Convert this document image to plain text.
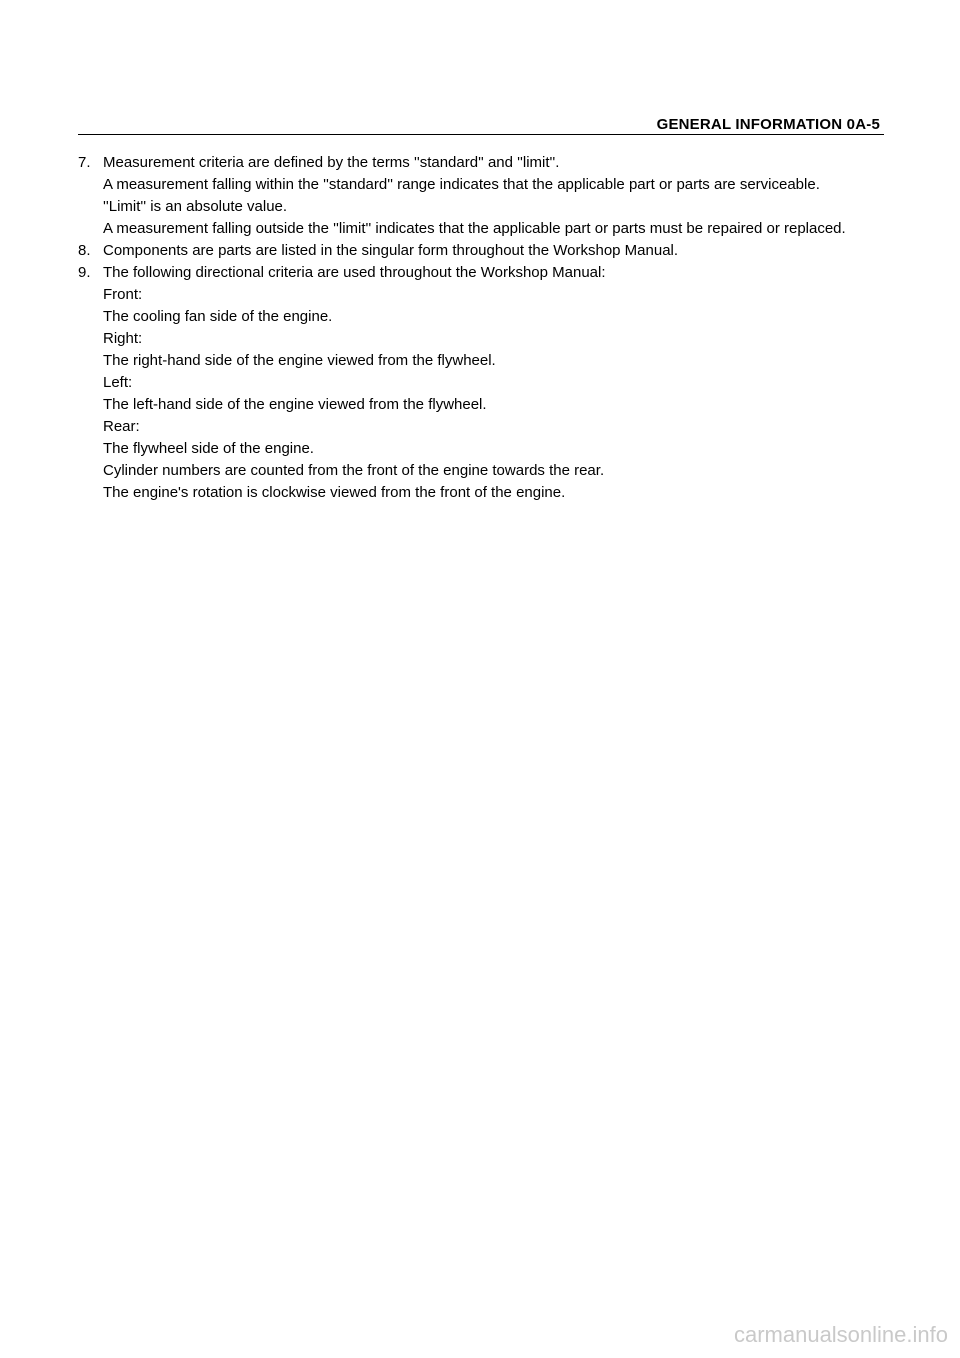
GENERAL INFORMATION 0A-5
7. Measurement criteria are defined by the terms ''standard'' and ''limit''.
A measurement falling within the ''standard'' range indicates that the applicable part or parts are serviceable.
''Limit'' is an absolute value.
A measurement falling outside the ''limit'' indicates that the applicable part or parts must be repaired or replaced.
8. Components are parts are listed in the singular form throughout the Workshop Manual.
9. The following directional criteria are used throughout the Workshop Manual:
Front:
The cooling fan side of the engine.
Right:
The right-hand side of the engine viewed from the flywheel.
Left:
The left-hand side of the engine viewed from the flywheel.
Rear:
The flywheel side of the engine.
Cylinder numbers are counted from the front of the engine towards the rear.
The engine's rotation is clockwise viewed from the front of the engine.
carmanualsonline.info
